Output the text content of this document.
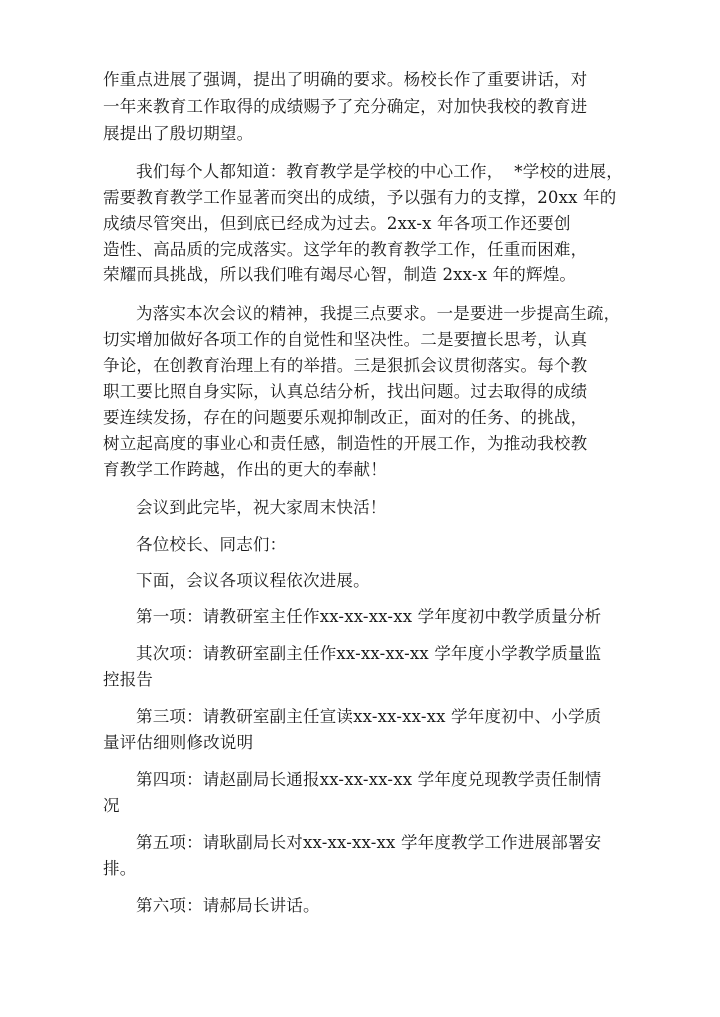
作重点进展了强调，提出了明确的要求。杨校长作了重要讲话，对
一年来教育工作取得的成绩赐予了充分确定，对加快我校的教育进
展提出了殷切期望。
我们每个人都知道：教育教学是学校的中心工作，  *学校的进展，
需要教育教学工作显著而突出的成绩，予以强有力的支撑，20xx 年的
成绩尽管突出，但到底已经成为过去。2xx-x 年各项工作还要创
造性、高品质的完成落实。这学年的教育教学工作，任重而困难，
荣耀而具挑战，所以我们唯有竭尽心智，制造 2xx-x 年的辉煌。
为落实本次会议的精神，我提三点要求。一是要进一步提高生疏，
切实增加做好各项工作的自觉性和坚决性。二是要擅长思考，认真
争论，在创教育治理上有的举措。三是狠抓会议贯彻落实。每个教
职工要比照自身实际，认真总结分析，找出问题。过去取得的成绩
要连续发扬，存在的问题要乐观抑制改正，面对的任务、的挑战，
树立起高度的事业心和责任感，制造性的开展工作，为推动我校教
育教学工作跨越，作出的更大的奉献！
会议到此完毕，祝大家周末快活！
各位校长、同志们：
下面，会议各项议程依次进展。
第一项：请教研室主任作xx-xx-xx-xx 学年度初中教学质量分析
其次项：请教研室副主任作xx-xx-xx-xx 学年度小学教学质量监
控报告
第三项：请教研室副主任宣读xx-xx-xx-xx 学年度初中、小学质
量评估细则修改说明
第四项：请赵副局长通报xx-xx-xx-xx 学年度兑现教学责任制情
况
第五项：请耿副局长对xx-xx-xx-xx 学年度教学工作进展部署安
排。
第六项：请郝局长讲话。
